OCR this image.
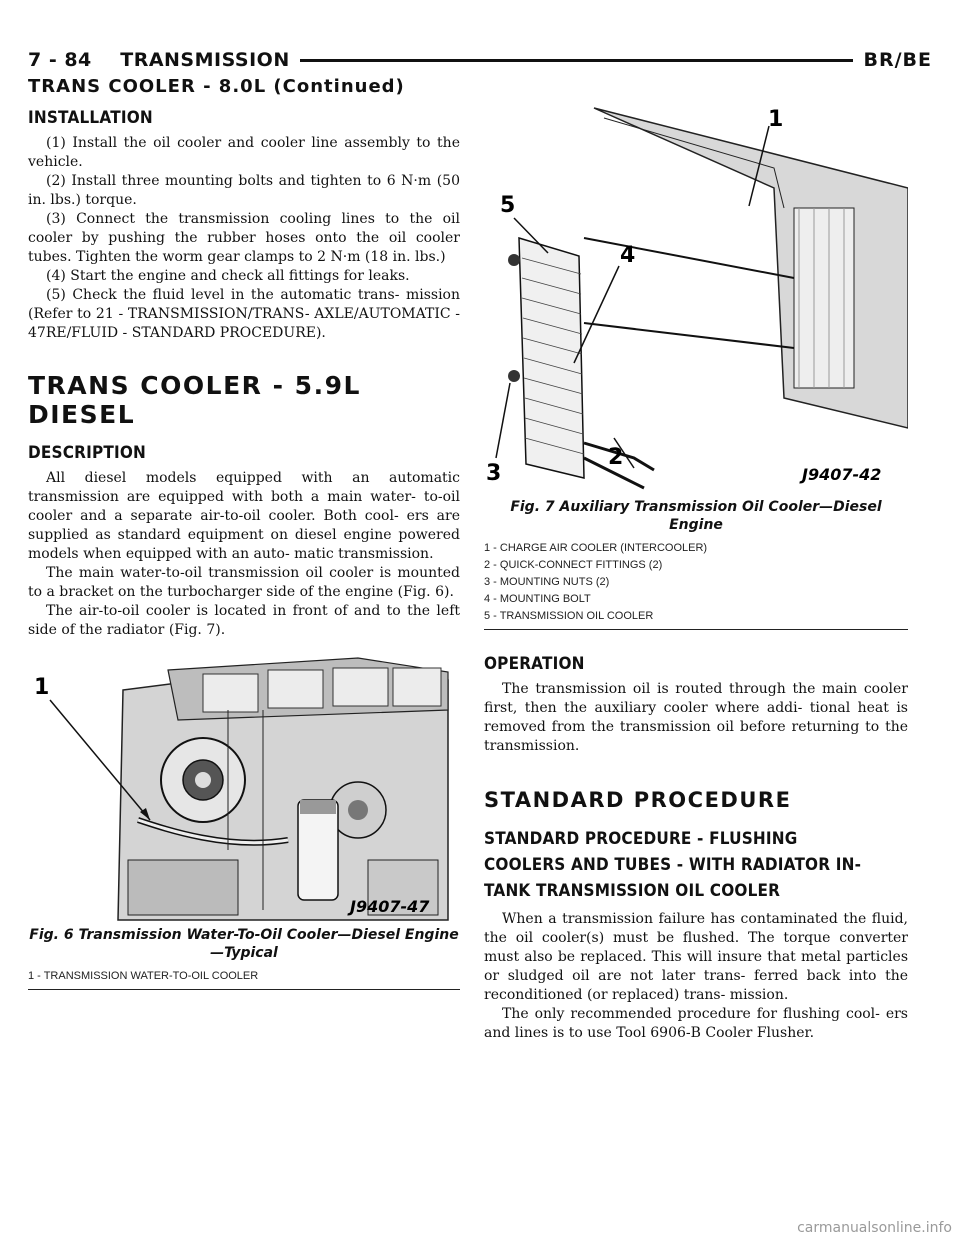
7 - 84    TRANSMISSION	BR/BE
TRANS COOLER - 8.0L (Continued)
INSTALLATION

(1) Install the oil cooler and cooler line assembly to the vehicle.

(2) Install three mounting bolts and tighten to 6 N·m (50 in. lbs.) torque.

(3) Connect the transmission cooling lines to the oil cooler by pushing the rubber hoses onto the oil cooler tubes. Tighten the worm gear clamps to 2 N·m (18 in. lbs.)

(4) Start the engine and check all fittings for leaks.

(5) Check the fluid level in the automatic trans- mission (Refer to 21 - TRANSMISSION/TRANS- AXLE/AUTOMATIC - 47RE/FLUID - STANDARD PROCEDURE).

TRANS COOLER - 5.9L DIESEL
DESCRIPTION

All diesel models equipped with an automatic transmission are equipped with both a main water- to-oil cooler and a separate air-to-oil cooler. Both cool- ers are supplied as standard equipment on diesel engine powered models when equipped with an auto- matic transmission.

The main water-to-oil transmission oil cooler is mounted to a bracket on the turbocharger side of the engine (Fig. 6).

The air-to-oil cooler is located in front of and to the left side of the radiator (Fig. 7).

1
J9407-47
Fig. 6 Transmission Water-To-Oil Cooler—Diesel Engine—Typical
1 - TRANSMISSION WATER-TO-OIL COOLER
1
2
3
4
5
J9407-42
Fig. 7 Auxiliary Transmission Oil Cooler—Diesel Engine
1 - CHARGE AIR COOLER (INTERCOOLER)
2 - QUICK-CONNECT FITTINGS (2)
3 - MOUNTING NUTS (2)
4 - MOUNTING BOLT
5 - TRANSMISSION OIL COOLER
OPERATION

The transmission oil is routed through the main cooler first, then the auxiliary cooler where addi- tional heat is removed from the transmission oil before returning to the transmission.

STANDARD PROCEDURE
STANDARD PROCEDURE - FLUSHING COOLERS AND TUBES - WITH RADIATOR IN-TANK TRANSMISSION OIL COOLER

When a transmission failure has contaminated the fluid, the oil cooler(s) must be flushed. The torque converter must also be replaced. This will insure that metal particles or sludged oil are not later trans- ferred back into the reconditioned (or replaced) trans- mission.

The only recommended procedure for flushing cool- ers and lines is to use Tool 6906-B Cooler Flusher.

carmanualsonline.info
